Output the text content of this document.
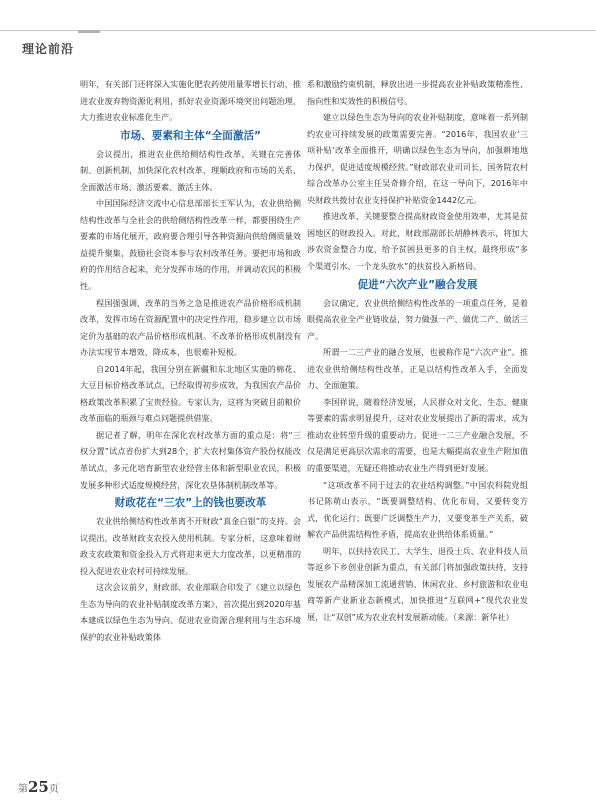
理论前沿

明年，有关部门还将深入实施化肥农药使用量零增长行动，推进农业废弃物资源化利用，抓好农业资源环境突出问题治理，大力推进农业标准化生产。

市场、要素和主体“全面激活”

会议提出，推进农业供给侧结构性改革，关键在完善体制、创新机制，加快深化农村改革，理顺政府和市场的关系，全面激活市场、激活要素、激活主体。

中国国际经济交流中心信息部部长王军认为，农业供给侧结构性改革与全社会的供给侧结构性改革一样，都要围绕生产要素的市场化展开，政府要合理引导各种资源向供给侧质量效益提升聚集，鼓励社会资本参与农村改革任务。要把市场和政府的作用结合起来，充分发挥市场的作用，并调动农民的积极性。

程国强强调，改革的当务之急是推进农产品价格形成机制改革，发挥市场在资源配置中的决定性作用，稳步建立以市场定价为基础的农产品价格形成机制。不改革价格形成机制没有办法实现节本增效、降成本，也很难补短板。

自2014年起，我国分别在新疆和东北地区实施的棉花、大豆目标价格改革试点，已经取得初步成效，为我国农产品价格政策改革积累了宝贵经验。专家认为，这将为突破目前粮价改革面临的瓶颈与难点问题提供借鉴。

据记者了解，明年在深化农村改革方面的重点是：将“三权分置”试点省份扩大到28个，扩大农村集体资产股份权能改革试点，多元化培育新型农业经营主体和新型职业农民，积极发展多种形式适度规模经营，深化农垦体制机制改革等。

财政花在“三农”上的钱也要改革

农业供给侧结构性改革离不开财政“真金白银”的支持。会议提出，改革财政支农投入使用机制。专家分析，这意味着财政支农政策和资金投入方式将迎来更大力度改革，以更精准的投入促进农业农村可持续发展。

这次会议前夕，财政部、农业部联合印发了《建立以绿色生态为导向的农业补贴制度改革方案》，首次提出到2020年基本建成以绿色生态为导向、促进农业资源合理利用与生态环境保护的农业补贴政策体

系和激励约束机制，释放出进一步提高农业补贴政策精准性、指向性和实效性的积极信号。

建立以绿色生态为导向的农业补贴制度，意味着一系列制约农业可持续发展的政策需要完善。“2016年，我国农业‘三项补贴’改革全面推开，明确以绿色生态为导向，加强耕地地力保护，促进适度规模经营。”财政部农业司司长、国务院农村综合改革办公室主任吴奇修介绍，在这一导向下，2016年中央财政共拨付农业支持保护补贴资金1442亿元。

推进改革，关键要整合提高财政资金使用效率，尤其是贫困地区的财政投入。对此，财政部副部长胡静林表示，将加大涉农资金整合力度，给予贫困县更多的自主权，最终形成“多个渠道引水、一个龙头放水”的扶贫投入新格局。

促进“六次产业”融合发展

会议确定，农业供给侧结构性改革的一项重点任务，是着眼提高农业全产业链收益，努力做强一产、做优二产、做活三产。

所谓一二三产业的融合发展，也被称作是“六次产业”。推进农业供给侧结构性改革，正是以结构性改革入手，全面发力、全面施策。

李国祥说，随着经济发展，人民群众对文化、生态、健康等要素的需求明显提升，这对农业发展提出了新的需求，成为推动农业转型升级的重要动力。促进一二三产业融合发展，不仅是满足更高层次需求的需要，也是大幅提高农业生产附加值的重要渠道，无疑还将推动农业生产得到更好发展。

“这项改革不同于过去的农业结构调整。”中国农科院党组书记陈萌山表示，“既要调整结构、优化布局，又要转变方式，优化运行；既要广泛调整生产力，又要变革生产关系，破解农产品供需结构性矛盾，提高农业供给体系质量。”

明年，以扶持农民工、大学生、退役士兵、农业科技人员等返乡下乡创业创新为重点，有关部门将加强政策扶持，支持发展农产品精深加工流通营销、休闲农业、乡村旅游和农业电商等新产业新业态新模式，加快推进“互联网+”现代农业发展，让“双创”成为农业农村发展新动能。（来源：新华社）

第25页
